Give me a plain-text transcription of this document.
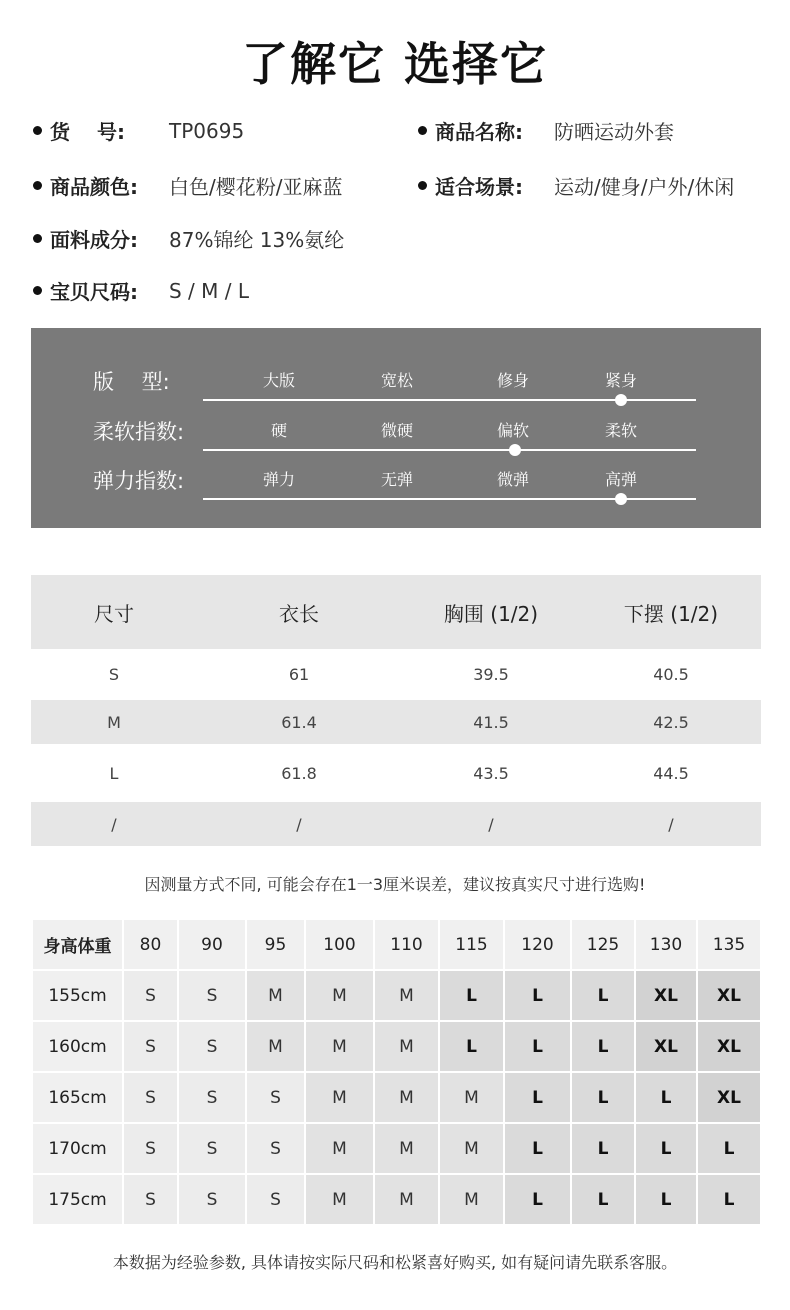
了解它 选择它
货　 号: TP0695	商品名称: 防晒运动外套
商品颜色: 白色/樱花粉/亚麻蓝	适合场景: 运动/健身/户外/休闲
面料成分: 87%锦纶 13%氨纶
宝贝尺码: S / M / L
版　 型:	大版	宽松	修身	紧身
柔软指数:	硬	微硬	偏软	柔软
弹力指数:	弹力	无弹	微弹	高弹
尺寸	衣长	胸围 (1/2)	下摆 (1/2)
S	61	39.5	40.5
M	61.4	41.5	42.5
L	61.8	43.5	44.5
/	/	/	/
因测量方式不同, 可能会存在1一3厘米误差，建议按真实尺寸进行选购!
身高体重	80	90	95	100	110	115	120	125	130	135
155cm	S	S	M	M	M	L	L	L	XL	XL
160cm	S	S	M	M	M	L	L	L	XL	XL
165cm	S	S	S	M	M	M	L	L	L	XL
170cm	S	S	S	M	M	M	L	L	L	L
175cm	S	S	S	M	M	M	L	L	L	L
本数据为经验参数, 具体请按实际尺码和松紧喜好购买, 如有疑问请先联系客服。
